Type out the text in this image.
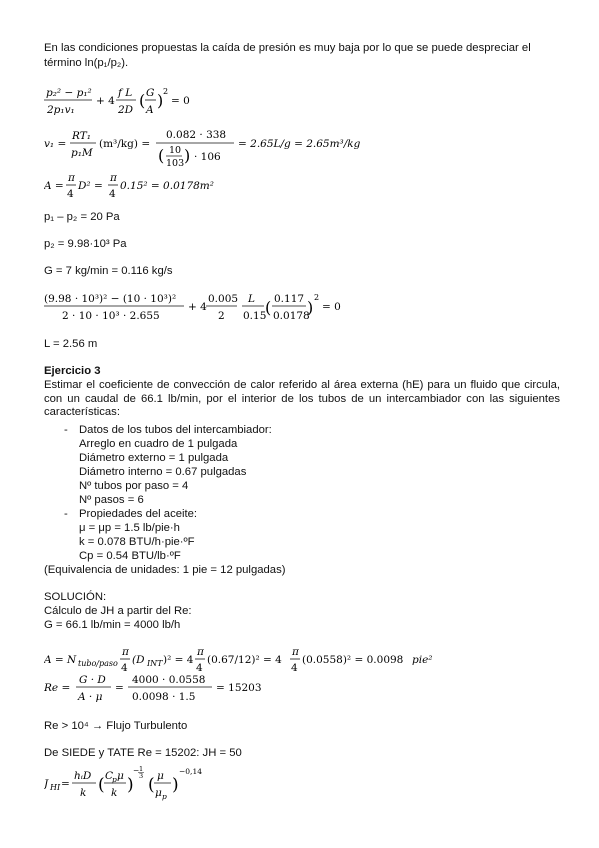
En las condiciones propuestas la caída de presión es muy baja por lo que se puede despreciar el
término ln(p₁/p₂).
p₂² − p₁²
2p₁v₁
+ 4
f L
2D ( G
A ) 2
= 0
v₁ =
RT₁
p₁M
(m³/kg) =
0.082 · 338
( 10
103 ) · 106
= 2.65L/g = 2.65m³/kg
A =
π
4
D² =
π
4
0.15² = 0.0178m²
p₁ – p₂ = 20 Pa
p₂ = 9.98·10³ Pa
G = 7 kg/min = 0.116 kg/s
(9.98 · 10³)² − (10 · 10³)²
2 · 10 · 10³ · 2.655
+ 4
0.005
2
L
0.15
( 0.117
0.0178
)
2
= 0
L = 2.56 m
Ejercicio 3
Estimar el coeficiente de convección de calor referido al área externa (hE) para un fluido que circula, con un caudal de 66.1 lb/min, por el interior de los tubos de un intercambiador con las siguientes características:
- Datos de los tubos del intercambiador:
Arreglo en cuadro de 1 pulgada
Diámetro externo = 1 pulgada
Diámetro interno = 0.67 pulgadas
Nº tubos por paso = 4
Nº pasos = 6
- Propiedades del aceite:
μ = μp = 1.5 lb/pie·h
k = 0.078 BTU/h·pie·ºF
Cp = 0.54 BTU/lb·ºF
(Equivalencia de unidades: 1 pie = 12 pulgadas)
SOLUCIÓN:
Cálculo de JH a partir del Re:
G = 66.1 lb/min = 4000 lb/h
A = N tubo/paso
π
4
(D INT )² = 4
π
4
(0.67/12)² = 4
π
4
(0.0558)² = 0.0098 pie²
Re =
G · D
A · μ
=
4000 · 0.0558
0.0098 · 1.5
= 15203
Re > 10⁴ → Flujo Turbulento
De SIEDE y TATE Re = 15202: JH = 50
J HI =
hᵢD
k ( C
p μ
k )
− 1
3 ( μ
μ p
)
−0,14
